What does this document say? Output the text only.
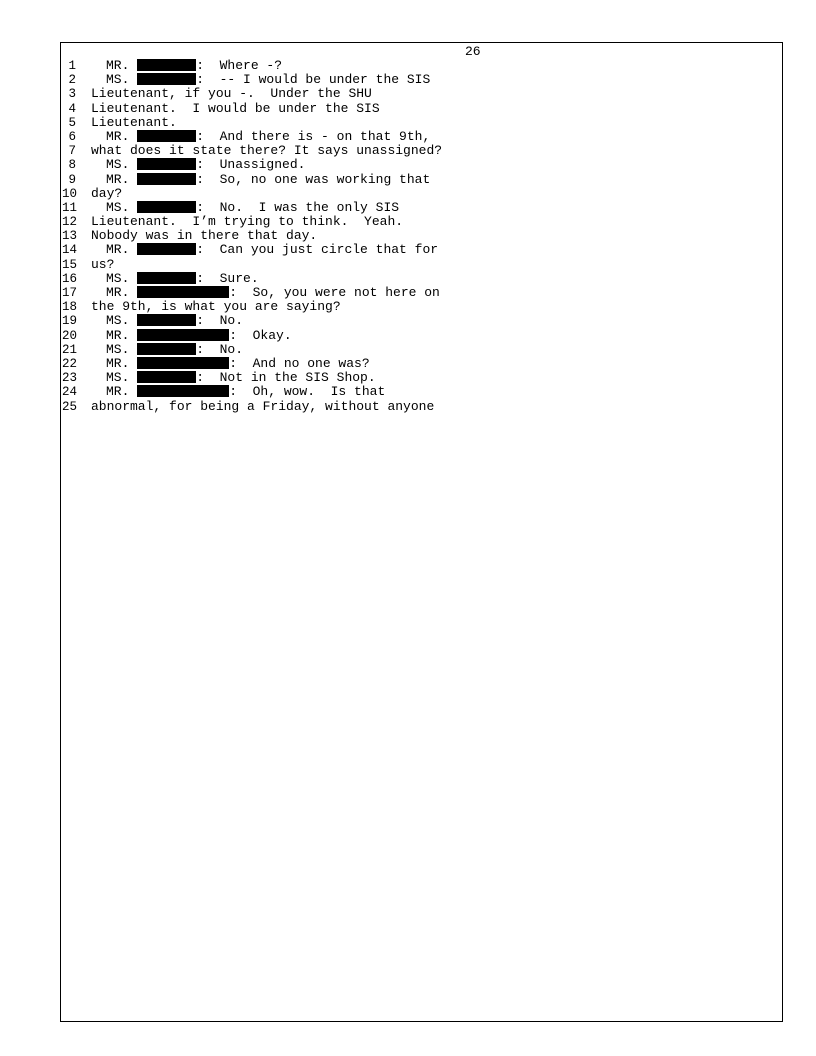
26
1 MR.	:  Where -?
2 MS.	:  -- I would be under the SIS
3 Lieutenant, if you -.  Under the SHU
4 Lieutenant.  I would be under the SIS
5 Lieutenant.
6 MR.	:  And there is - on that 9th,
7 what does it state there? It says unassigned?
8 MS.	:  Unassigned.
9 MR.	:  So, no one was working that
10 day?
11 MS.	:  No.  I was the only SIS
12 Lieutenant.  I’m trying to think.  Yeah.
13 Nobody was in there that day.
14 MR.	:  Can you just circle that for
15 us?
16 MS.	:  Sure.
17 MR.	:  So, you were not here on
18 the 9th, is what you are saying?
19 MS.	:  No.
20 MR.	:  Okay.
21 MS.	:  No.
22 MR.	:  And no one was?
23 MS.	:  Not in the SIS Shop.
24 MR.	:  Oh, wow.  Is that
25 abnormal, for being a Friday, without anyone
